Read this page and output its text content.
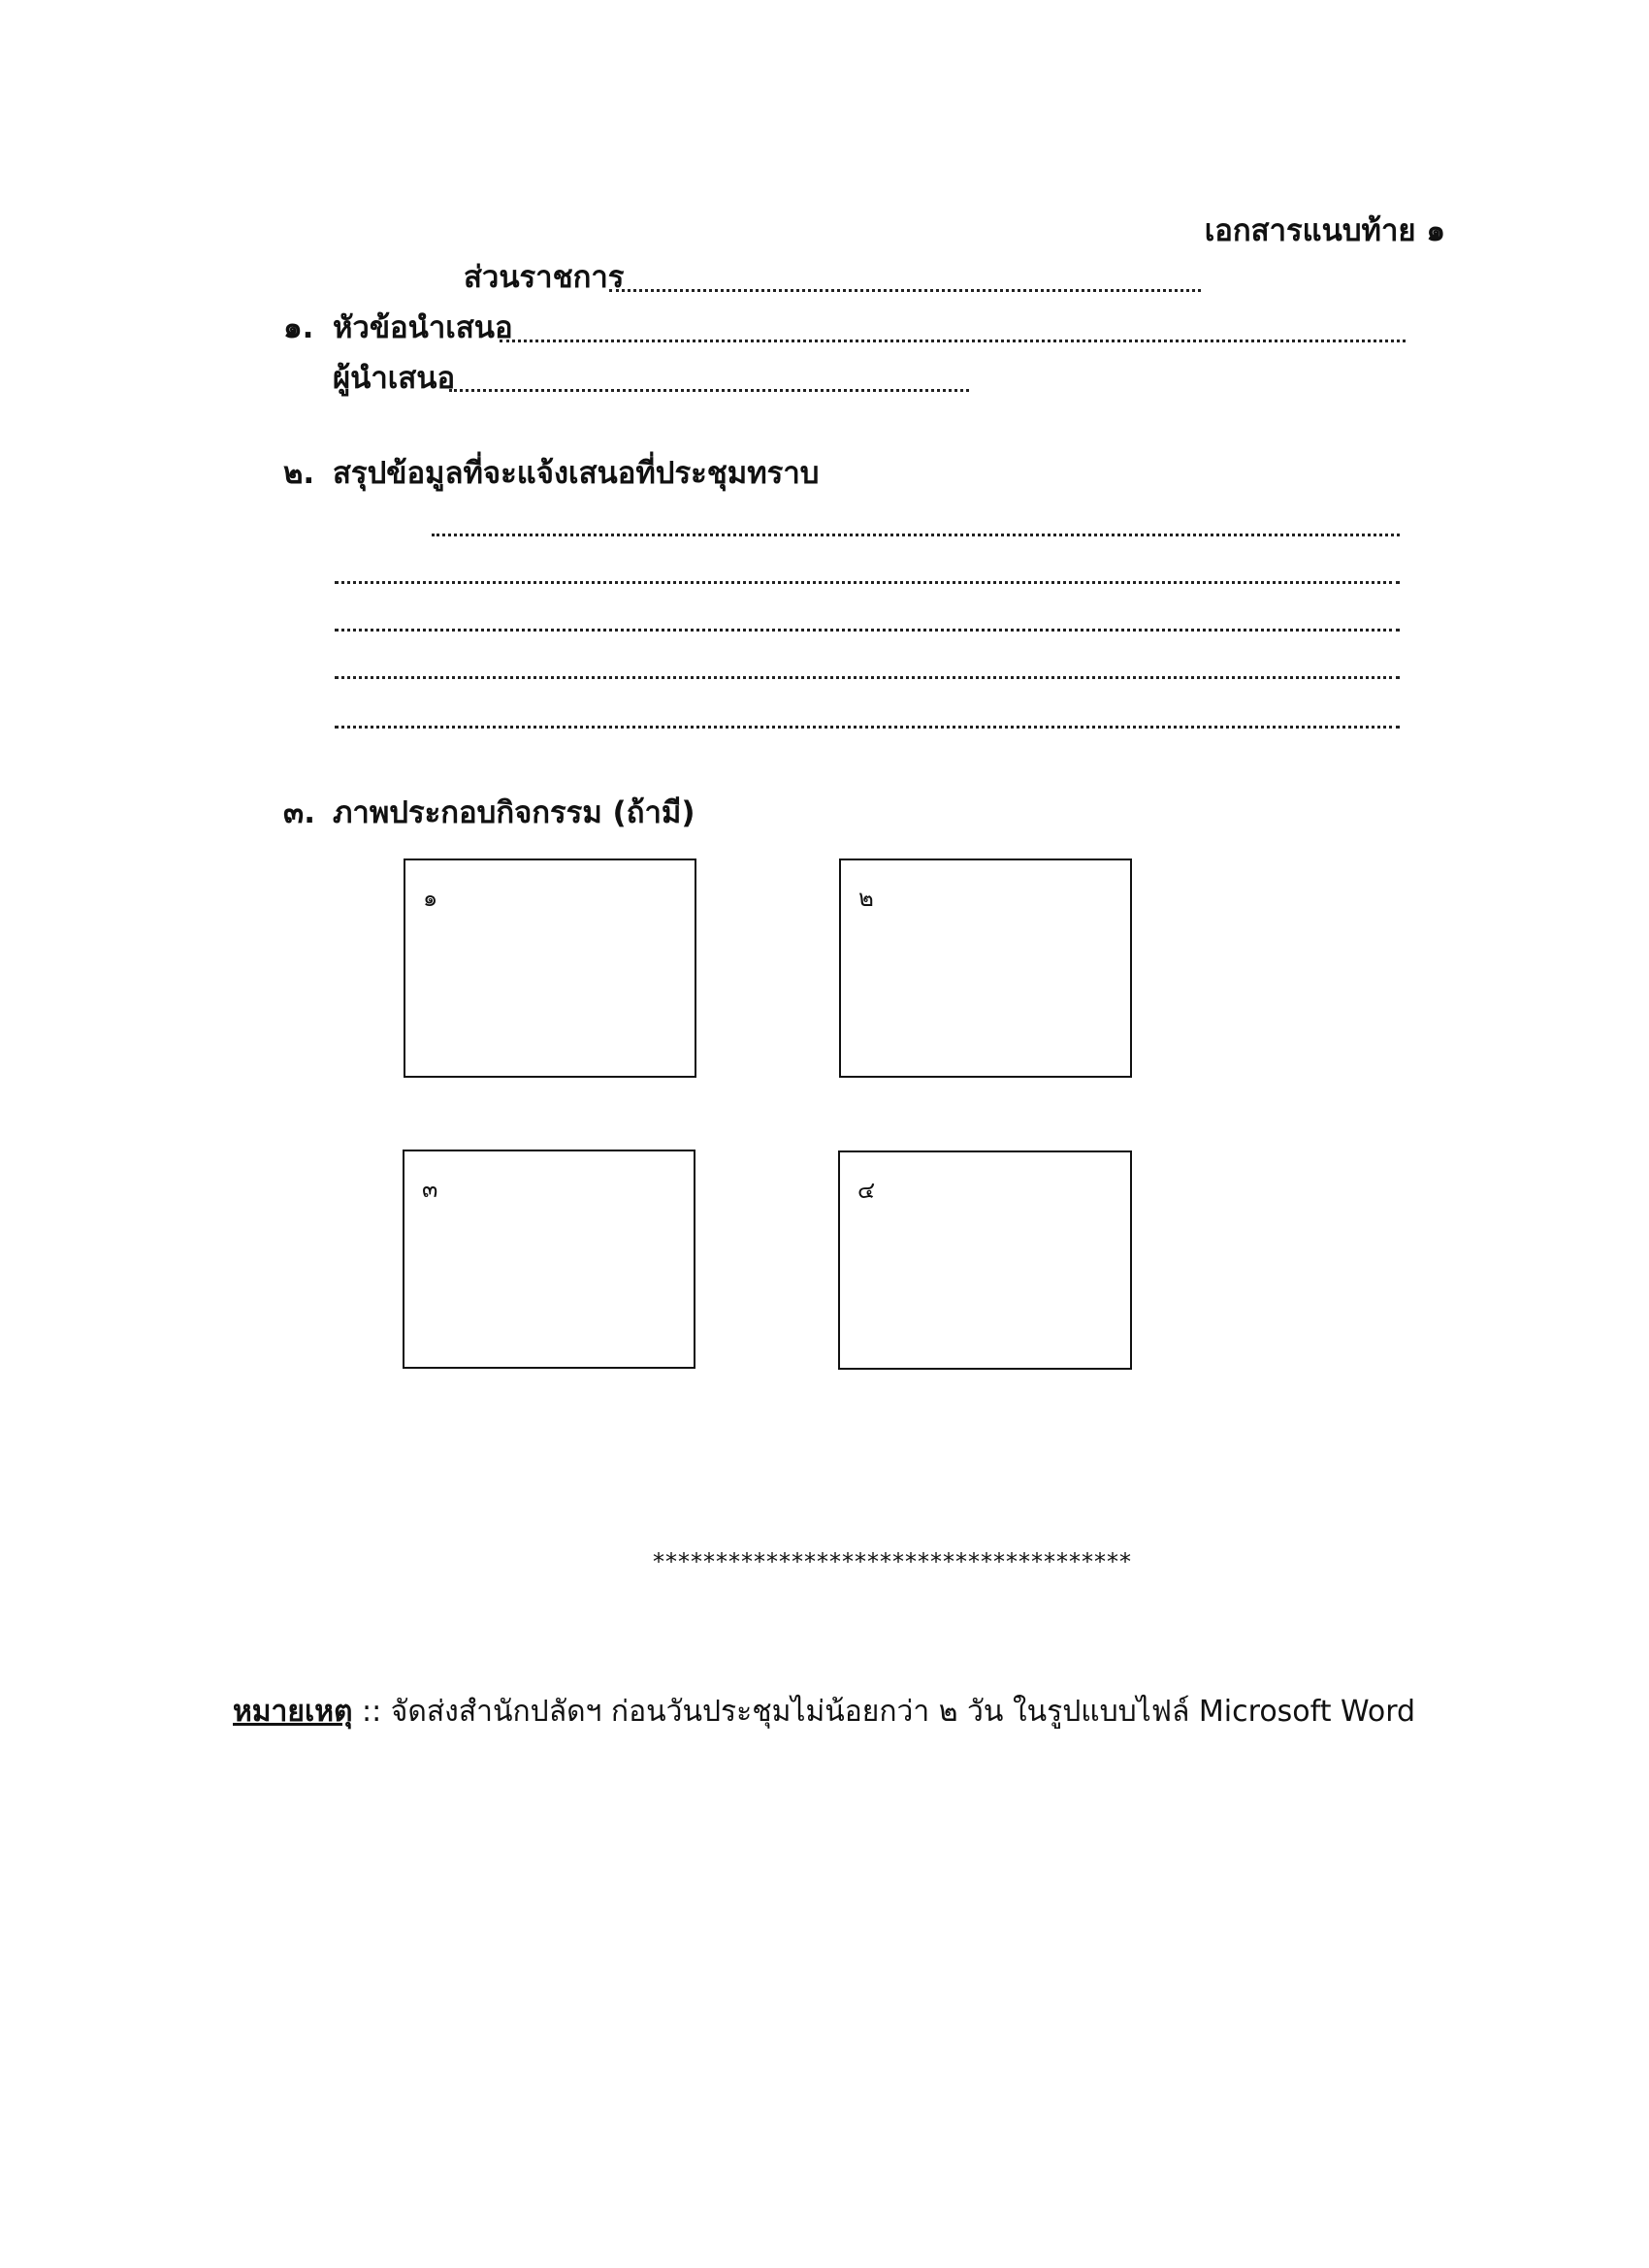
เอกสารแนบท้าย ๑
ส่วนราชการ
๑. หัวข้อนำเสนอ
ผู้นำเสนอ
๒. สรุปข้อมูลที่จะแจ้งเสนอที่ประชุมทราบ
๓. ภาพประกอบกิจกรรม (ถ้ามี)
๑	๒
๓	๔
**************************************
หมายเหตุ :: จัดส่งสำนักปลัดฯ ก่อนวันประชุมไม่น้อยกว่า ๒ วัน ในรูปแบบไฟล์ Microsoft Word
